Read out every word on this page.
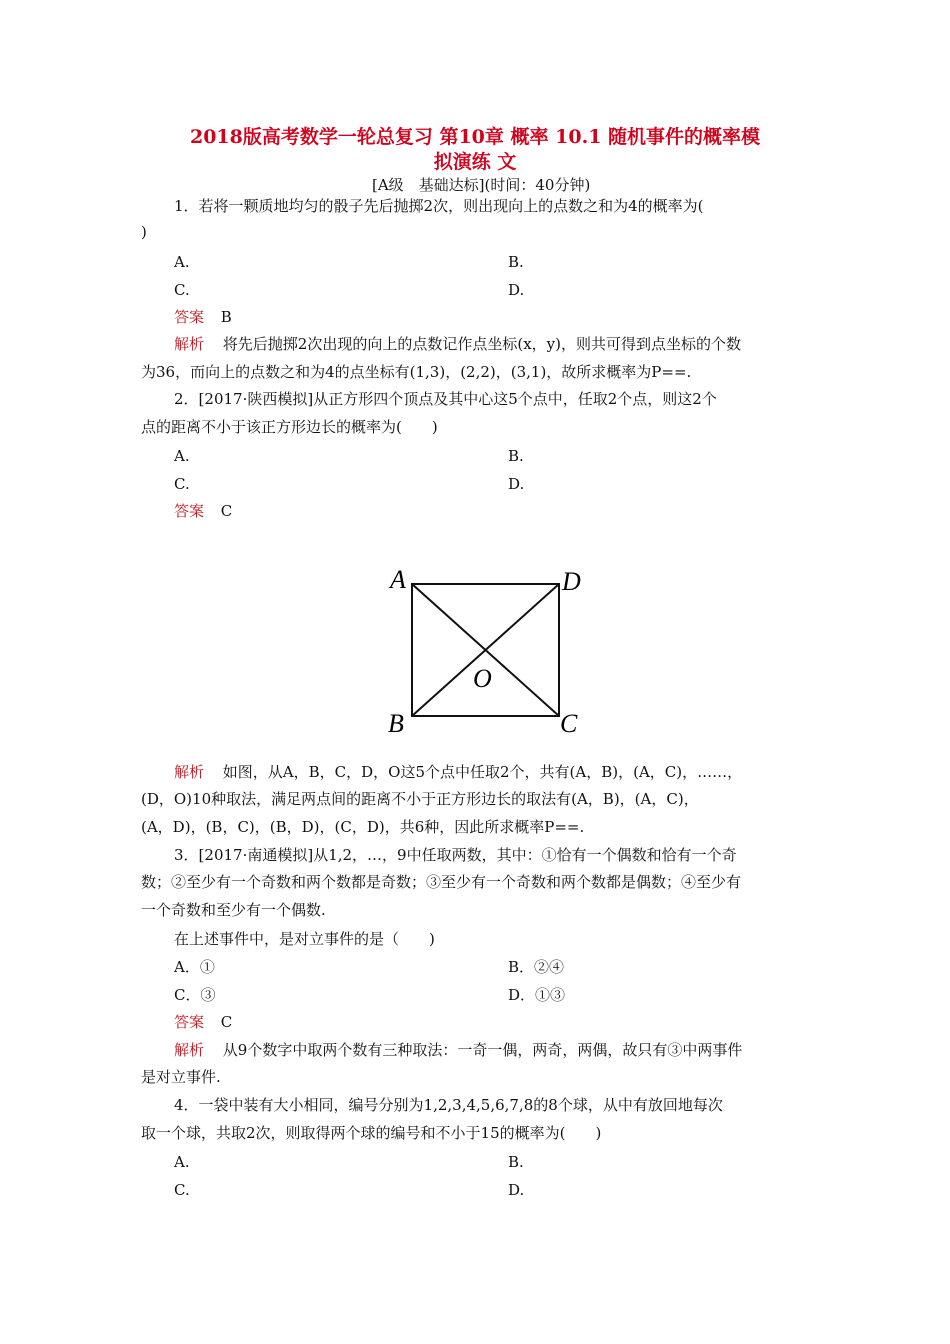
2018版高考数学一轮总复习 第10章 概率 10.1 随机事件的概率模
拟演练 文
[A级　基础达标](时间：40分钟)
1．若将一颗质地均匀的骰子先后抛掷2次，则出现向上的点数之和为4的概率为(
)
A.	B.
C.	D.
答案 B
解析 将先后抛掷2次出现的向上的点数记作点坐标(x，y)，则共可得到点坐标的个数
为36，而向上的点数之和为4的点坐标有(1,3)，(2,2)，(3,1)，故所求概率为P==.
2．[2017·陕西模拟]从正方形四个顶点及其中心这5个点中，任取2个点，则这2个
点的距离不小于该正方形边长的概率为(　　)
A.	B.
C.	D.
答案 C
A	D
O
B	C
解析 如图，从A，B，C，D，O这5个点中任取2个，共有(A，B)，(A，C)，……，
(D，O)10种取法，满足两点间的距离不小于正方形边长的取法有(A，B)，(A，C)，
(A，D)，(B，C)，(B，D)，(C，D)，共6种，因此所求概率P==.
3．[2017·南通模拟]从1,2，…，9中任取两数，其中：①恰有一个偶数和恰有一个奇
数；②至少有一个奇数和两个数都是奇数；③至少有一个奇数和两个数都是偶数；④至少有
一个奇数和至少有一个偶数.
在上述事件中，是对立事件的是（　　)
A．①	B．②④
C．③	D．①③
答案 C
解析 从9个数字中取两个数有三种取法：一奇一偶，两奇，两偶，故只有③中两事件
是对立事件.
4．一袋中装有大小相同，编号分别为1,2,3,4,5,6,7,8的8个球，从中有放回地每次
取一个球，共取2次，则取得两个球的编号和不小于15的概率为(　　)
A.	B.
C.	D.
